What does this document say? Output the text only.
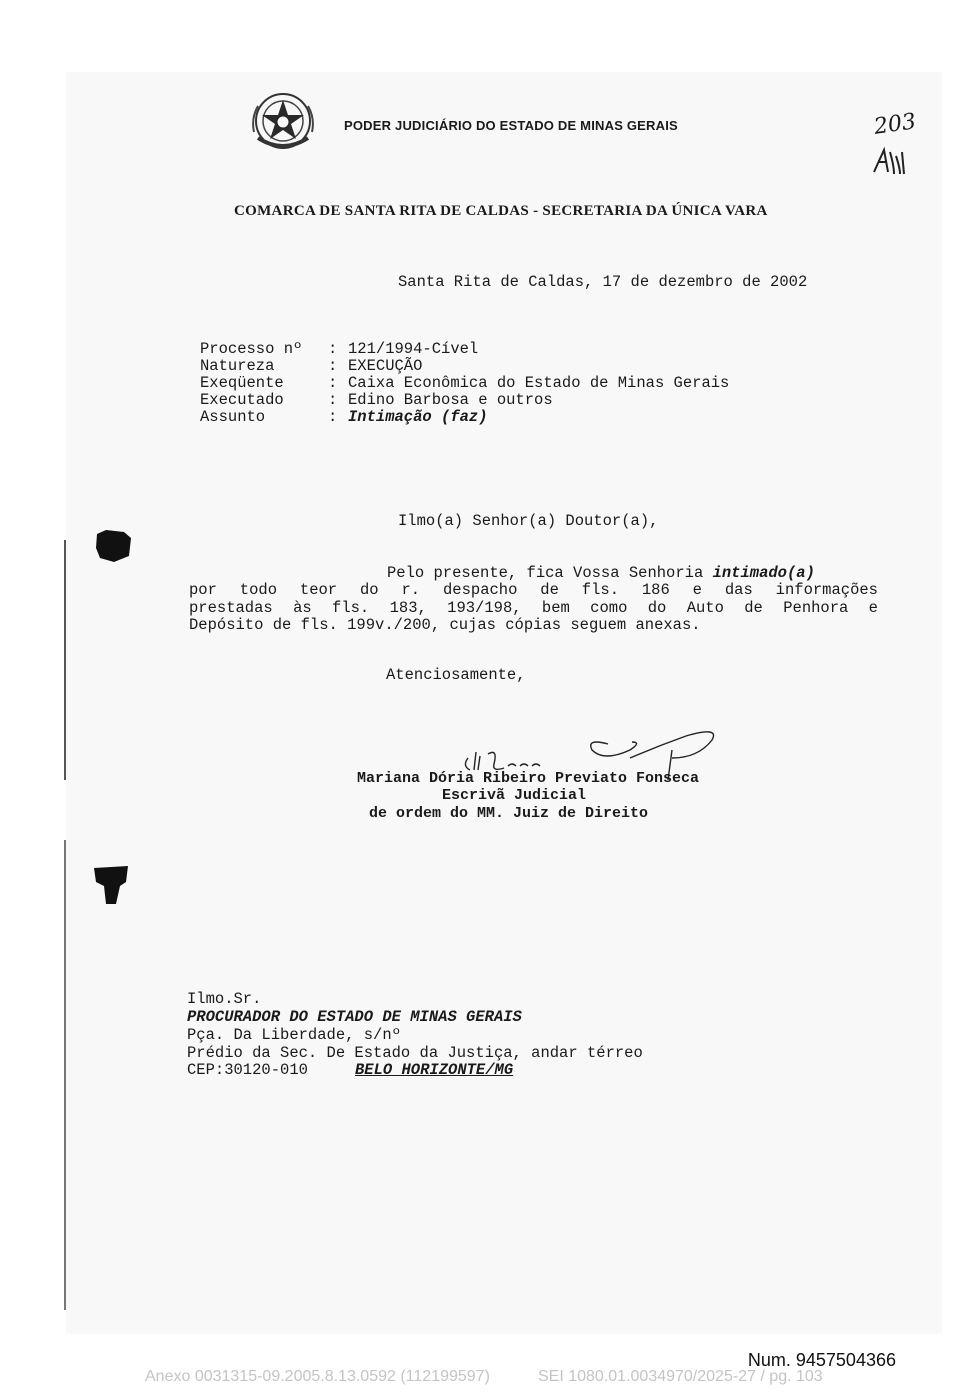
PODER JUDICIÁRIO DO ESTADO DE MINAS GERAIS	203
COMARCA DE SANTA RITA DE CALDAS - SECRETARIA DA ÚNICA VARA
Santa Rita de Caldas, 17 de dezembro de 2002
Processo nº : 121/1994-Cível
Natureza	: EXECUÇÃO
Exeqüente	: Caixa Econômica do Estado de Minas Gerais
Executado	: Edino Barbosa e outros
Assunto	: Intimação (faz)
Ilmo(a) Senhor(a) Doutor(a),
Pelo presente, fica Vossa Senhoria intimado(a)
por todo teor do r. despacho de fls. 186 e das informações
prestadas às fls. 183, 193/198, bem como do Auto de Penhora e
Depósito de fls. 199v./200, cujas cópias seguem anexas.
Atenciosamente,
Mariana Dória Ribeiro Previato Fonseca
Escrivã Judicial
de ordem do MM. Juiz de Direito
Ilmo.Sr.
PROCURADOR DO ESTADO DE MINAS GERAIS
Pça. Da Liberdade, s/nº
Prédio da Sec. De Estado da Justiça, andar térreo
CEP:30120-010	BELO HORIZONTE/MG
Num. 9457504366
Anexo 0031315-09.2005.8.13.0592 (112199597)	SEI 1080.01.0034970/2025-27 / pg. 103
